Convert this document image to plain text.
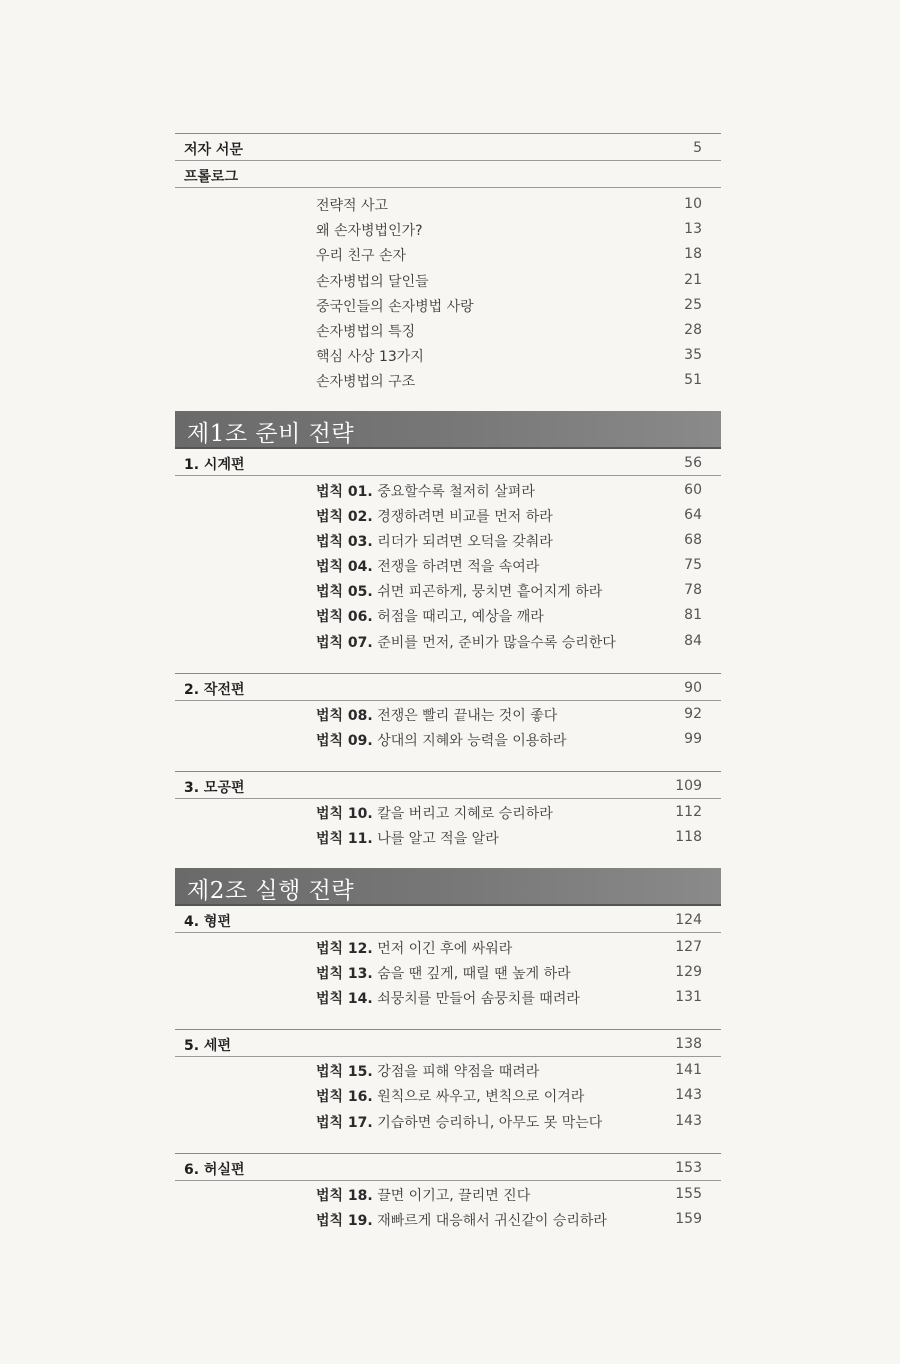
저자 서문	5
프롤로그
전략적 사고	10
왜 손자병법인가?	13
우리 친구 손자	18
손자병법의 달인들	21
중국인들의 손자병법 사랑	25
손자병법의 특징	28
핵심 사상 13가지	35
손자병법의 구조	51
제1조 준비 전략
1. 시계편	56
법칙 01. 중요할수록 철저히 살펴라	60
법칙 02. 경쟁하려면 비교를 먼저 하라	64
법칙 03. 리더가 되려면 오덕을 갖춰라	68
법칙 04. 전쟁을 하려면 적을 속여라	75
법칙 05. 쉬면 피곤하게, 뭉치면 흩어지게 하라	78
법칙 06. 허점을 때리고, 예상을 깨라	81
법칙 07. 준비를 먼저, 준비가 많을수록 승리한다	84
2. 작전편	90
법칙 08. 전쟁은 빨리 끝내는 것이 좋다	92
법칙 09. 상대의 지혜와 능력을 이용하라	99
3. 모공편	109
법칙 10. 칼을 버리고 지혜로 승리하라	112
법칙 11. 나를 알고 적을 알라	118
제2조 실행 전략
4. 형편	124
법칙 12. 먼저 이긴 후에 싸워라	127
법칙 13. 숨을 땐 깊게, 때릴 땐 높게 하라	129
법칙 14. 쇠뭉치를 만들어 솜뭉치를 때려라	131
5. 세편	138
법칙 15. 강점을 피해 약점을 때려라	141
법칙 16. 원칙으로 싸우고, 변칙으로 이겨라	143
법칙 17. 기습하면 승리하니, 아무도 못 막는다	143
6. 허실편	153
법칙 18. 끌면 이기고, 끌리면 진다	155
법칙 19. 재빠르게 대응해서 귀신같이 승리하라	159
